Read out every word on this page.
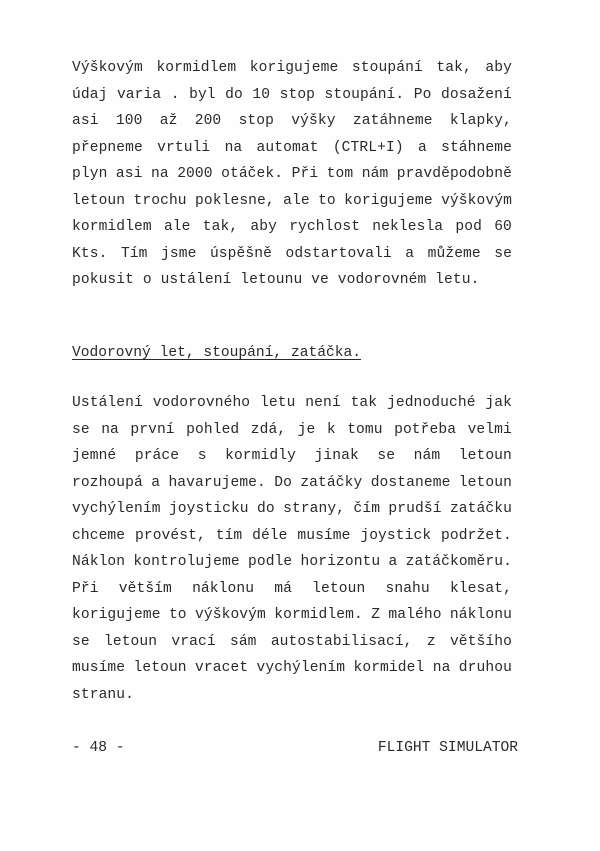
Výškovým kormidlem korigujeme stoupání tak, aby
údaj varia . byl do 10 stop stoupání. Po dosažení
asi 100 až 200 stop výšky zatáhneme klapky,
přepneme vrtuli na automat (CTRL+I) a stáhneme
plyn asi na 2000 otáček. Při tom nám pravděpodobně
letoun trochu poklesne, ale to korigujeme výškovým
kormidlem ale tak, aby rychlost neklesla pod 60
Kts. Tím jsme úspěšně odstartovali a můžeme se
pokusit o ustálení letounu ve vodorovném letu.
Vodorovný let, stoupání, zatáčka.
Ustálení vodorovného letu není tak jednoduché jak
se na první pohled zdá, je k tomu potřeba velmi
jemné práce s kormidly jinak se nám letoun
rozhoupá a havarujeme. Do zatáčky dostaneme letoun
vychýlením joysticku do strany, čím prudší zatáčku
chceme provést, tím déle musíme joystick podržet.
Náklon kontrolujeme podle horizontu a zatáčkoměru.
Při větším náklonu má letoun snahu klesat,
korigujeme to výškovým kormidlem. Z malého náklonu
se letoun vrací sám autostabilisací, z většího
musíme letoun vracet vychýlením kormidel na druhou
stranu.
- 48 -	FLIGHT SIMULATOR
